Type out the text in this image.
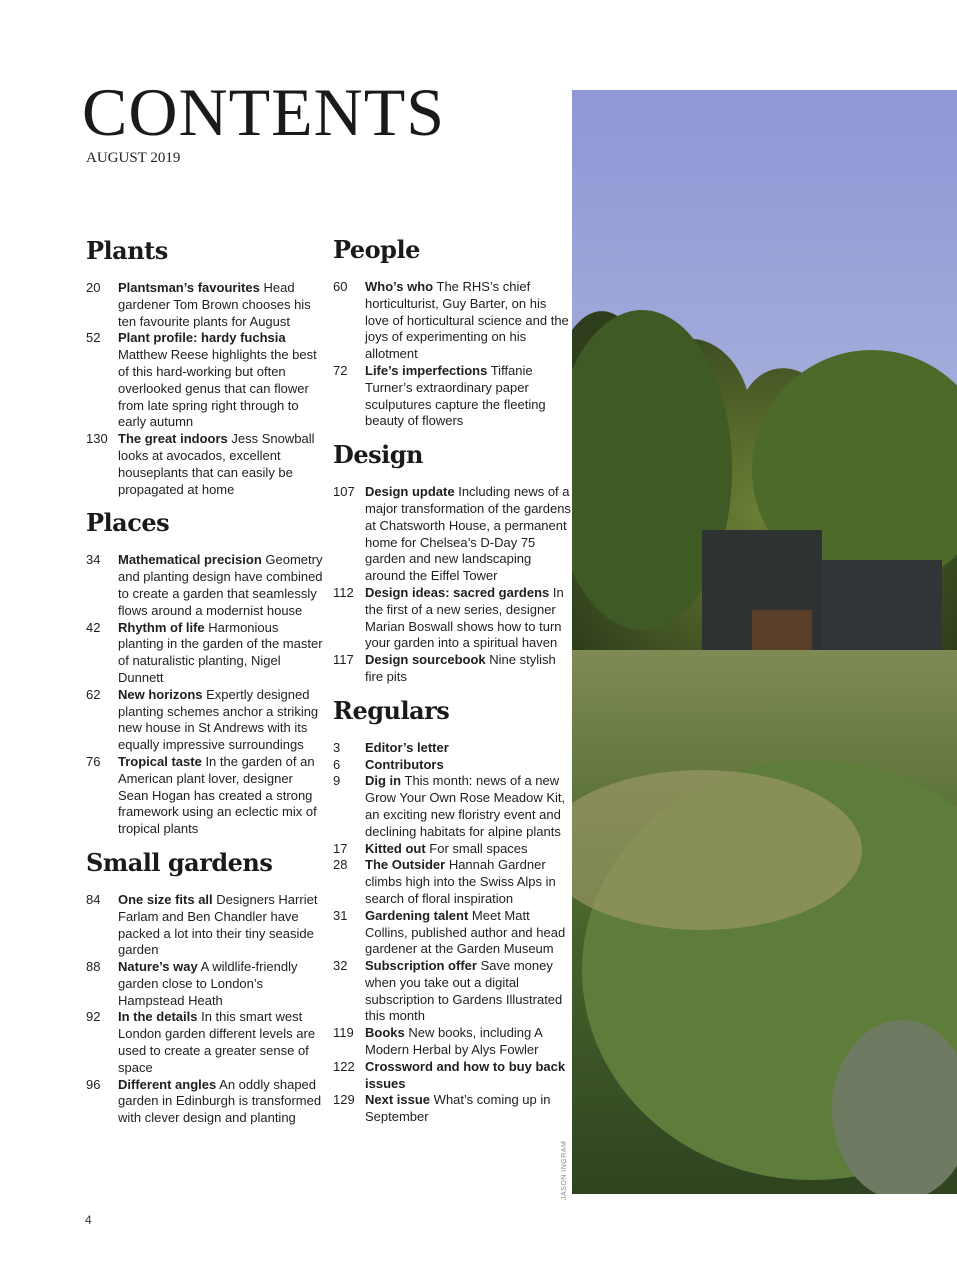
CONTENTS
AUGUST 2019
Plants
20	Plantsman’s favourites Head gardener Tom Brown chooses his ten favourite plants for August
52	Plant profile: hardy fuchsia Matthew Reese highlights the best of this hard-working but often overlooked genus that can flower from late spring right through to early autumn
130 The great indoors Jess Snowball looks at avocados, excellent houseplants that can easily be propagated at home
Places
34	Mathematical precision Geometry and planting design have combined to create a garden that seamlessly flows around a modernist house
42	Rhythm of life Harmonious planting in the garden of the master of naturalistic planting, Nigel Dunnett
62	New horizons Expertly designed planting schemes anchor a striking new house in St Andrews with its equally impressive surroundings
76	Tropical taste In the garden of an American plant lover, designer Sean Hogan has created a strong framework using an eclectic mix of tropical plants
Small gardens
84	One size fits all Designers Harriet Farlam and Ben Chandler have packed a lot into their tiny seaside garden
88	Nature’s way A wildlife-friendly garden close to London’s Hampstead Heath
92	In the details In this smart west London garden different levels are used to create a greater sense of space
96	Different angles An oddly shaped garden in Edinburgh is transformed with clever design and planting
People
60	Who’s who The RHS’s chief horticulturist, Guy Barter, on his love of horticultural science and the joys of experimenting on his allotment
72	Life’s imperfections Tiffanie Turner’s extraordinary paper sculputures capture the fleeting beauty of flowers
Design
107 Design update Including news of a major transformation of the gardens at Chatsworth House, a permanent home for Chelsea’s D-Day 75 garden and new landscaping around the Eiffel Tower
112 Design ideas: sacred gardens In the first of a new series, designer Marian Boswall shows how to turn your garden into a spiritual haven
117 Design sourcebook Nine stylish fire pits
Regulars
3	Editor’s letter
6	Contributors
9	Dig in This month: news of a new Grow Your Own Rose Meadow Kit, an exciting new floristry event and declining habitats for alpine plants
17	Kitted out For small spaces
28	The Outsider Hannah Gardner climbs high into the Swiss Alps in search of floral inspiration
31	Gardening talent Meet Matt Collins, published author and head gardener at the Garden Museum
32	Subscription offer Save money when you take out a digital subscription to Gardens Illustrated this month
119 Books New books, including A Modern Herbal by Alys Fowler
122 Crossword and how to buy back issues
129 Next issue What’s coming up in September
JASON INGRAM
4
